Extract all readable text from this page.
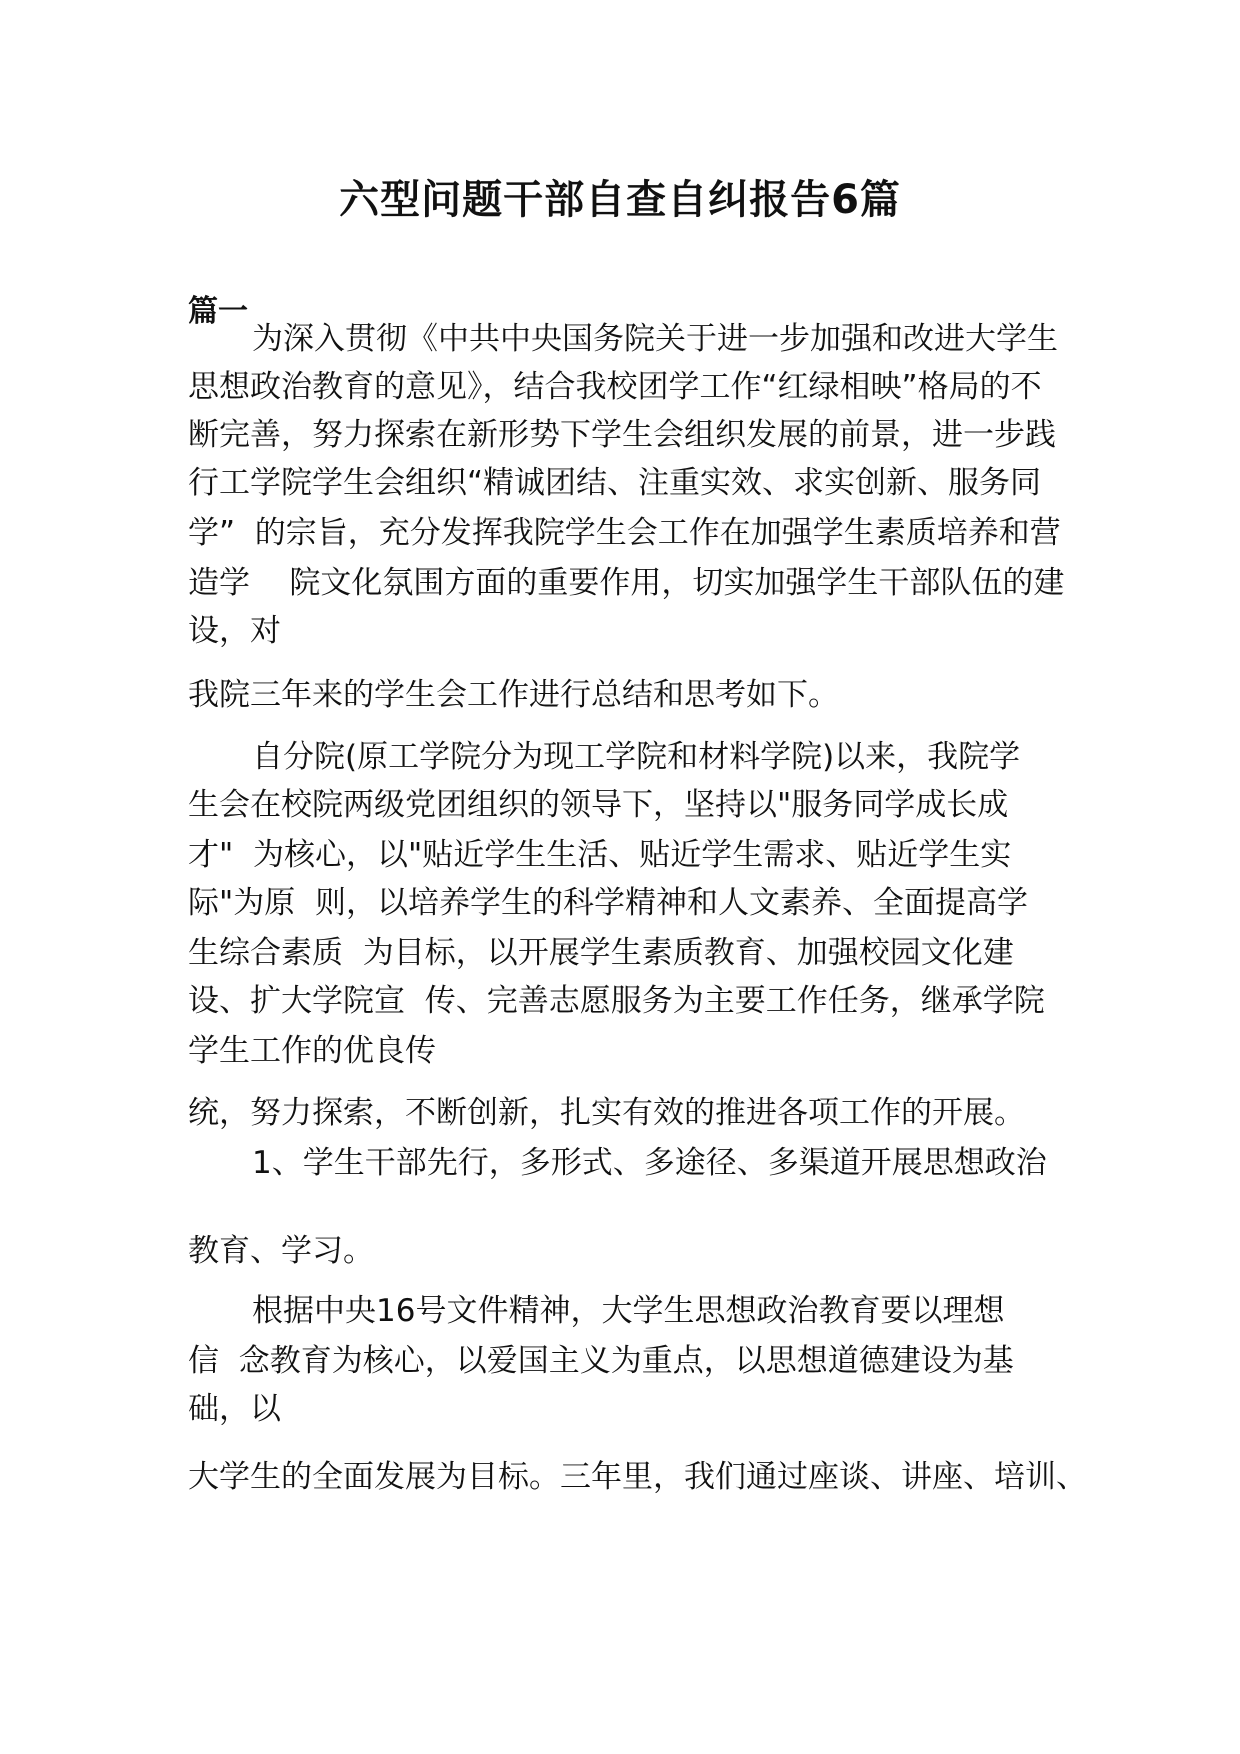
六型问题干部自查自纠报告6篇
篇一
为深入贯彻《中共中央国务院关于进一步加强和改进大学生
思想政治教育的意见》，结合我校团学工作“红绿相映”格局的不
断完善，努力探索在新形势下学生会组织发展的前景，进一步践
行工学院学生会组织“精诚团结、注重实效、求实创新、服务同
学”  的宗旨，充分发挥我院学生会工作在加强学生素质培养和营
造学    院文化氛围方面的重要作用，切实加强学生干部队伍的建
设，对
我院三年来的学生会工作进行总结和思考如下。
自分院(原工学院分为现工学院和材料学院)以来，我院学
生会在校院两级党团组织的领导下，坚持以"服务同学成长成
才"  为核心，以"贴近学生生活、贴近学生需求、贴近学生实
际"为原  则，以培养学生的科学精神和人文素养、全面提高学
生综合素质  为目标，以开展学生素质教育、加强校园文化建
设、扩大学院宣  传、完善志愿服务为主要工作任务，继承学院
学生工作的优良传
统，努力探索，不断创新，扎实有效的推进各项工作的开展。
1、学生干部先行，多形式、多途径、多渠道开展思想政治
教育、学习。
根据中央16号文件精神，大学生思想政治教育要以理想
信  念教育为核心，以爱国主义为重点，以思想道德建设为基
础，以
大学生的全面发展为目标。三年里，我们通过座谈、讲座、培训、
